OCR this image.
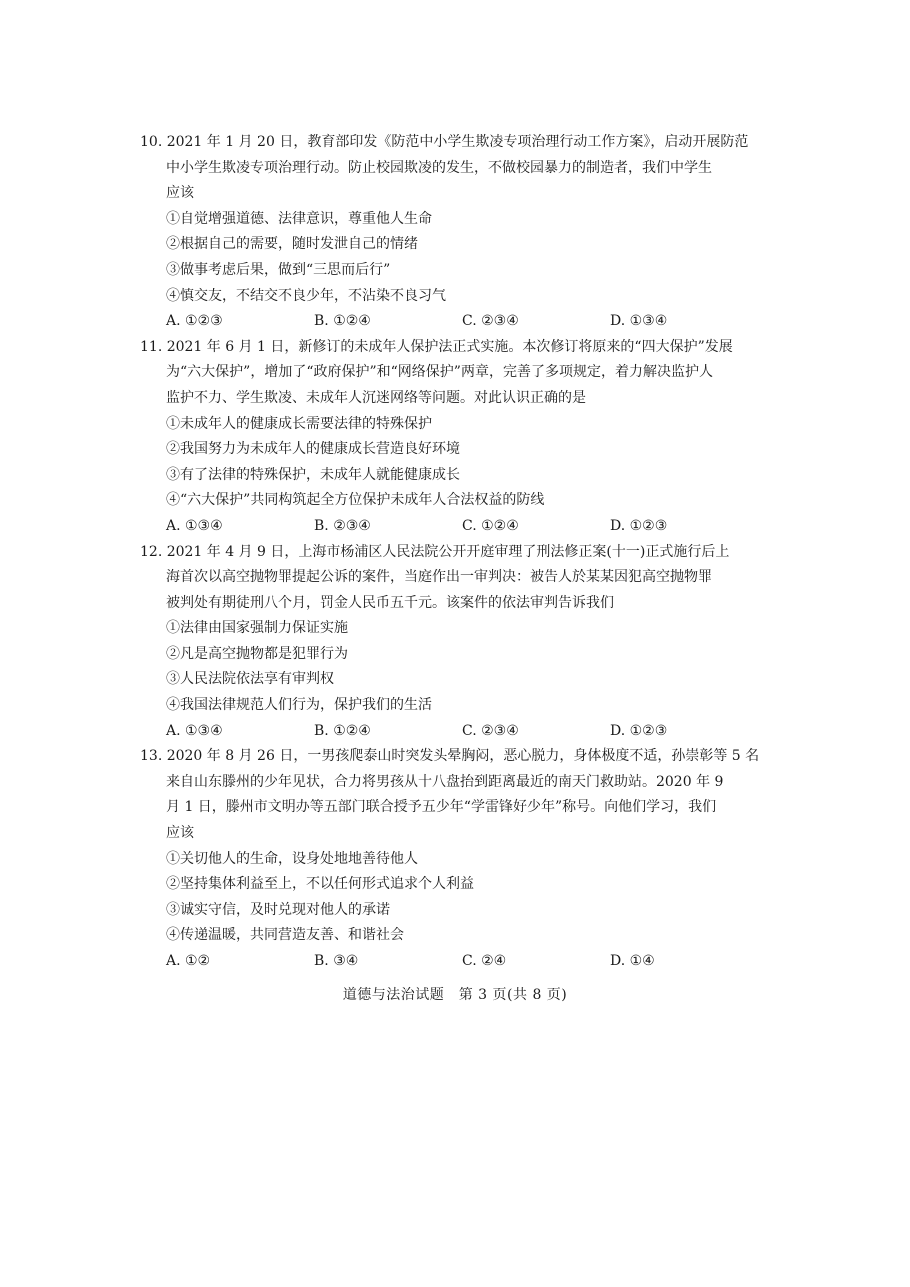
10. 2021 年 1 月 20 日，教育部印发《防范中小学生欺凌专项治理行动工作方案》，启动开展防范
中小学生欺凌专项治理行动。防止校园欺凌的发生，不做校园暴力的制造者，我们中学生
应该
①自觉增强道德、法律意识，尊重他人生命
②根据自己的需要，随时发泄自己的情绪
③做事考虑后果，做到“三思而后行”
④慎交友，不结交不良少年，不沾染不良习气
A. ①②③	B. ①②④	C. ②③④	D. ①③④
11. 2021 年 6 月 1 日，新修订的未成年人保护法正式实施。本次修订将原来的“四大保护”发展
为“六大保护”，增加了“政府保护”和“网络保护”两章，完善了多项规定，着力解决监护人
监护不力、学生欺凌、未成年人沉迷网络等问题。对此认识正确的是
①未成年人的健康成长需要法律的特殊保护
②我国努力为未成年人的健康成长营造良好环境
③有了法律的特殊保护，未成年人就能健康成长
④“六大保护”共同构筑起全方位保护未成年人合法权益的防线
A. ①③④	B. ②③④	C. ①②④	D. ①②③
12. 2021 年 4 月 9 日，上海市杨浦区人民法院公开开庭审理了刑法修正案(十一)正式施行后上
海首次以高空抛物罪提起公诉的案件，当庭作出一审判决：被告人於某某因犯高空抛物罪
被判处有期徒刑八个月，罚金人民币五千元。该案件的依法审判告诉我们
①法律由国家强制力保证实施
②凡是高空抛物都是犯罪行为
③人民法院依法享有审判权
④我国法律规范人们行为，保护我们的生活
A. ①③④	B. ①②④	C. ②③④	D. ①②③
13. 2020 年 8 月 26 日，一男孩爬泰山时突发头晕胸闷，恶心脱力，身体极度不适，孙崇彰等 5 名
来自山东滕州的少年见状，合力将男孩从十八盘抬到距离最近的南天门救助站。2020 年 9
月 1 日，滕州市文明办等五部门联合授予五少年“学雷锋好少年”称号。向他们学习，我们
应该
①关切他人的生命，设身处地地善待他人
②坚持集体利益至上，不以任何形式追求个人利益
③诚实守信，及时兑现对他人的承诺
④传递温暖，共同营造友善、和谐社会
A. ①②	B. ③④	C. ②④	D. ①④
道德与法治试题　第 3 页(共 8 页)
